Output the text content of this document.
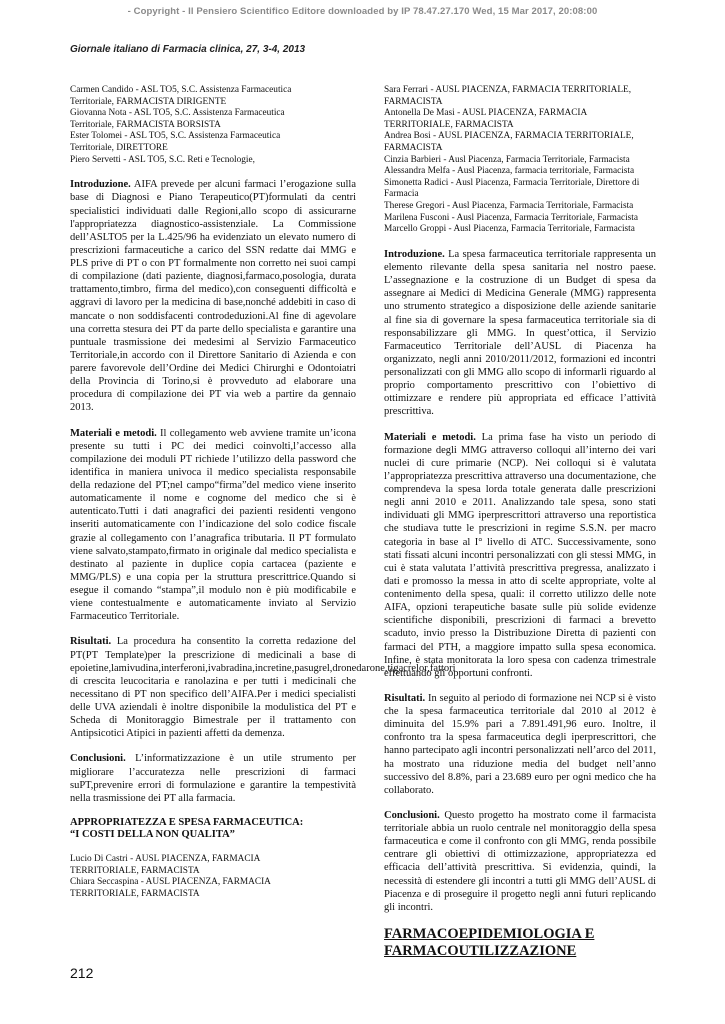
- Copyright - Il Pensiero Scientifico Editore downloaded by IP 78.47.27.170 Wed, 15 Mar 2017, 20:08:00
Giornale italiano di Farmacia clinica, 27, 3-4, 2013
Carmen Candido - ASL TO5, S.C. Assistenza Farmaceutica
Territoriale, FARMACISTA DIRIGENTE
Giovanna Nota - ASL TO5, S.C. Assistenza Farmaceutica
Territoriale, FARMACISTA BORSISTA
Ester Tolomei - ASL TO5, S.C. Assistenza Farmaceutica
Territoriale, DIRETTORE
Piero Servetti - ASL TO5, S.C. Reti e Tecnologie,

Introduzione. AIFA prevede per alcuni farmaci l’erogazione sulla base di Diagnosi e Piano Terapeutico(PT)formulati da centri specialistici individuati dalle Regioni,allo scopo di assicurarne l'appropriatezza diagnostico-assistenziale. La Commissione dell’ASLTO5 per la L.425/96 ha evidenziato un elevato numero di prescrizioni farmaceutiche a carico del SSN redatte dai MMG e PLS prive di PT o con PT formalmente non corretto nei suoi campi di compilazione (dati paziente, diagnosi,farmaco,posologia, durata trattamento,timbro, firma del medico),con conseguenti difficoltà e aggravi di lavoro per la medicina di base,nonché addebiti in caso di mancate o non soddisfacenti controdeduzioni.Al fine di agevolare una corretta stesura dei PT da parte dello specialista e garantire una puntuale trasmissione dei medesimi al Servizio Farmaceutico Territoriale,in accordo con il Direttore Sanitario di Azienda e con parere favorevole dell’Ordine dei Medici Chirurghi e Odontoiatri della Provincia di Torino,si è provveduto ad elaborare una procedura di compilazione dei PT via web a partire da gennaio 2013.

Materiali e metodi. Il collegamento web avviene tramite un’icona presente su tutti i PC dei medici coinvolti,l’accesso alla compilazione dei moduli PT richiede l’utilizzo della password che identifica in maniera univoca il medico specialista responsabile della redazione del PT;nel campo“firma”del medico viene inserito automaticamente il nome e cognome del medico che si è autenticato.Tutti i dati anagrafici dei pazienti residenti vengono inseriti automaticamente con l’indicazione del solo codice fiscale grazie al collegamento con l’anagrafica tributaria. Il PT formulato viene salvato,stampato,firmato in originale dal medico specialista e destinato al paziente in duplice copia cartacea (paziente e MMG/PLS) e una copia per la struttura prescrittrice.Quando si esegue il comando “stampa”,il modulo non è più modificabile e viene contestualmente e automaticamente inviato al Servizio Farmaceutico Territoriale.

Risultati. La procedura ha consentito la corretta redazione del PT(PT Template)per la prescrizione di medicinali a base di epoietine,lamivudina,interferoni,ivabradina,incretine,pasugrel,dronedarone,tigacrelor,fattori di crescita leucocitaria e ranolazina e per tutti i medicinali che necessitano di PT non specifico dell’AIFA.Per i medici specialisti delle UVA aziendali è inoltre disponibile la modulistica del PT e Scheda di Monitoraggio Bimestrale per il trattamento con Antipsicotici Atipici in pazienti affetti da demenza.

Conclusioni. L’informatizzazione è un utile strumento per migliorare l’accuratezza nelle prescrizioni di farmaci suPT,prevenire errori di formulazione e garantire la tempestività nella trasmissione dei PT alla farmacia.

APPROPRIATEZZA E SPESA FARMACEUTICA:
“I COSTI DELLA NON QUALITA”
Lucio Di Castri - AUSL PIACENZA, FARMACIA
TERRITORIALE, FARMACISTA
Chiara Seccaspina - AUSL PIACENZA, FARMACIA
TERRITORIALE, FARMACISTA
Sara Ferrari - AUSL PIACENZA, FARMACIA TERRITORIALE,
FARMACISTA
Antonella De Masi - AUSL PIACENZA, FARMACIA
TERRITORIALE, FARMACISTA
Andrea Bosi - AUSL PIACENZA, FARMACIA TERRITORIALE,
FARMACISTA
Cinzia Barbieri - Ausl Piacenza, Farmacia Territoriale, Farmacista
Alessandra Melfa - Ausl Piacenza, farmacia territoriale, Farmacista
Simonetta Radici - Ausl Piacenza, Farmacia Territoriale, Direttore di
Farmacia
Therese Gregori - Ausl Piacenza, Farmacia Territoriale, Farmacista
Marilena Fusconi - Ausl Piacenza, Farmacia Territoriale, Farmacista
Marcello Groppi - Ausl Piacenza, Farmacia Territoriale, Farmacista

Introduzione. La spesa farmaceutica territoriale rappresenta un elemento rilevante della spesa sanitaria nel nostro paese. L’assegnazione e la costruzione di un Budget di spesa da assegnare ai Medici di Medicina Generale (MMG) rappresenta uno strumento strategico a disposizione delle aziende sanitarie al fine sia di governare la spesa farmaceutica territoriale sia di responsabilizzare gli MMG. In quest’ottica, il Servizio Farmaceutico Territoriale dell’AUSL di Piacenza ha organizzato, negli anni 2010/2011/2012, formazioni ed incontri personalizzati con gli MMG allo scopo di informarli riguardo al proprio comportamento prescrittivo con l’obiettivo di ottimizzare e rendere più appropriata ed efficace l’attività prescrittiva.

Materiali e metodi. La prima fase ha visto un periodo di formazione degli MMG attraverso colloqui all’interno dei vari nuclei di cure primarie (NCP). Nei colloqui si è valutata l’appropriatezza prescrittiva attraverso una documentazione, che comprendeva la spesa lorda totale generata dalle prescrizioni negli anni 2010 e 2011. Analizzando tale spesa, sono stati individuati gli MMG iperprescrittori attraverso una reportistica che studiava tutte le prescrizioni in regime S.S.N. per macro categoria in base al I° livello di ATC. Successivamente, sono stati fissati alcuni incontri personalizzati con gli stessi MMG, in cui è stata valutata l’attività prescrittiva pregressa, analizzato i dati e promosso la messa in atto di scelte appropriate, volte al contenimento della spesa, quali: il corretto utilizzo delle note AIFA, opzioni terapeutiche basate sulle più solide evidenze scientifiche disponibili, prescrizioni di farmaci a brevetto scaduto, invio presso la Distribuzione Diretta di pazienti con farmaci del PTH, a maggiore impatto sulla spesa economica. Infine, è stata monitorata la loro spesa con cadenza trimestrale effettuando gli opportuni confronti.

Risultati. In seguito al periodo di formazione nei NCP si è visto che la spesa farmaceutica territoriale dal 2010 al 2012 è diminuita del 15.9% pari a 7.891.491,96 euro. Inoltre, il confronto tra la spesa farmaceutica degli iperprescrittori, che hanno partecipato agli incontri personalizzati nell’arco del 2011, ha mostrato una riduzione media del budget nell’anno successivo del 8.8%, pari a 23.689 euro per ogni medico che ha collaborato.

Conclusioni. Questo progetto ha mostrato come il farmacista territoriale abbia un ruolo centrale nel monitoraggio della spesa farmaceutica e come il confronto con gli MMG, renda possibile centrare gli obiettivi di ottimizzazione, appropriatezza ed efficacia dell’attività prescrittiva. Si evidenzia, quindi, la necessità di estendere gli incontri a tutti gli MMG dell’AUSL di Piacenza e di proseguire il progetto negli anni futuri replicando gli incontri.

FARMACOEPIDEMIOLOGIA E
FARMACOUTILIZZAZIONE
212
